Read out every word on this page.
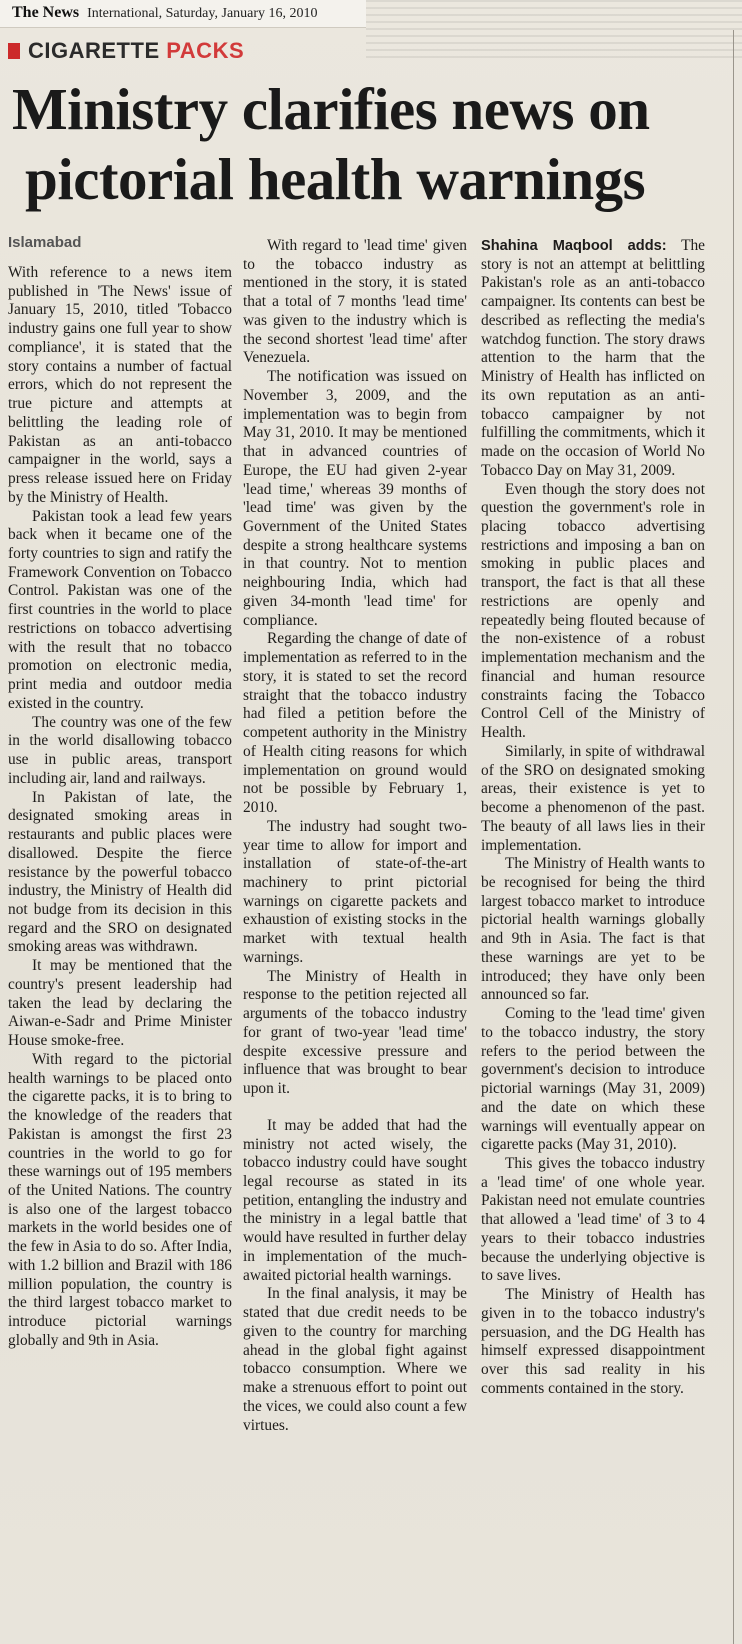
The News International, Saturday, January 16, 2010
CIGARETTE PACKS
Ministry clarifies news on
pictorial health warnings

Islamabad

With reference to a news item published in 'The News' issue of January 15, 2010, titled 'Tobacco industry gains one full year to show compliance', it is stated that the story contains a number of factual errors, which do not represent the true picture and attempts at belittling the leading role of Pakistan as an anti-tobacco campaigner in the world, says a press release issued here on Friday by the Ministry of Health.

Pakistan took a lead few years back when it became one of the forty countries to sign and ratify the Framework Convention on Tobacco Control. Pakistan was one of the first countries in the world to place restrictions on tobacco advertising with the result that no tobacco promotion on electronic media, print media and outdoor media existed in the country.

The country was one of the few in the world disallowing tobacco use in public areas, transport including air, land and railways.

In Pakistan of late, the designated smoking areas in restaurants and public places were disallowed. Despite the fierce resistance by the powerful tobacco industry, the Ministry of Health did not budge from its decision in this regard and the SRO on designated smoking areas was withdrawn.

It may be mentioned that the country's present leadership had taken the lead by declaring the Aiwan-e-Sadr and Prime Minister House smoke-free.

With regard to the pictorial health warnings to be placed onto the cigarette packs, it is to bring to the knowledge of the readers that Pakistan is amongst the first 23 countries in the world to go for these warnings out of 195 members of the United Nations. The country is also one of the largest tobacco markets in the world besides one of the few in Asia to do so. After India, with 1.2 billion and Brazil with 186 million population, the country is the third largest tobacco market to introduce pictorial warnings globally and 9th in Asia.

With regard to 'lead time' given to the tobacco industry as mentioned in the story, it is stated that a total of 7 months 'lead time' was given to the industry which is the second shortest 'lead time' after Venezuela.

The notification was issued on November 3, 2009, and the implementation was to begin from May 31, 2010. It may be mentioned that in advanced countries of Europe, the EU had given 2-year 'lead time,' whereas 39 months of 'lead time' was given by the Government of the United States despite a strong healthcare systems in that country. Not to mention neighbouring India, which had given 34-month 'lead time' for compliance.

Regarding the change of date of implementation as referred to in the story, it is stated to set the record straight that the tobacco industry had filed a petition before the competent authority in the Ministry of Health citing reasons for which implementation on ground would not be possible by February 1, 2010.

The industry had sought two-year time to allow for import and installation of state-of-the-art machinery to print pictorial warnings on cigarette packets and exhaustion of existing stocks in the market with textual health warnings.

The Ministry of Health in response to the petition rejected all arguments of the tobacco industry for grant of two-year 'lead time' despite excessive pressure and influence that was brought to bear upon it.

It may be added that had the ministry not acted wisely, the tobacco industry could have sought legal recourse as stated in its petition, entangling the industry and the ministry in a legal battle that would have resulted in further delay in implementation of the much-awaited pictorial health warnings.

In the final analysis, it may be stated that due credit needs to be given to the country for marching ahead in the global fight against tobacco consumption. Where we make a strenuous effort to point out the vices, we could also count a few virtues.

Shahina Maqbool adds: The story is not an attempt at belittling Pakistan's role as an anti-tobacco campaigner. Its contents can best be described as reflecting the media's watchdog function. The story draws attention to the harm that the Ministry of Health has inflicted on its own reputation as an anti-tobacco campaigner by not fulfilling the commitments, which it made on the occasion of World No Tobacco Day on May 31, 2009.

Even though the story does not question the government's role in placing tobacco advertising restrictions and imposing a ban on smoking in public places and transport, the fact is that all these restrictions are openly and repeatedly being flouted because of the non-existence of a robust implementation mechanism and the financial and human resource constraints facing the Tobacco Control Cell of the Ministry of Health.

Similarly, in spite of withdrawal of the SRO on designated smoking areas, their existence is yet to become a phenomenon of the past. The beauty of all laws lies in their implementation.

The Ministry of Health wants to be recognised for being the third largest tobacco market to introduce pictorial health warnings globally and 9th in Asia. The fact is that these warnings are yet to be introduced; they have only been announced so far.

Coming to the 'lead time' given to the tobacco industry, the story refers to the period between the government's decision to introduce pictorial warnings (May 31, 2009) and the date on which these warnings will eventually appear on cigarette packs (May 31, 2010).

This gives the tobacco industry a 'lead time' of one whole year. Pakistan need not emulate countries that allowed a 'lead time' of 3 to 4 years to their tobacco industries because the underlying objective is to save lives.

The Ministry of Health has given in to the tobacco industry's persuasion, and the DG Health has himself expressed disappointment over this sad reality in his comments contained in the story.
